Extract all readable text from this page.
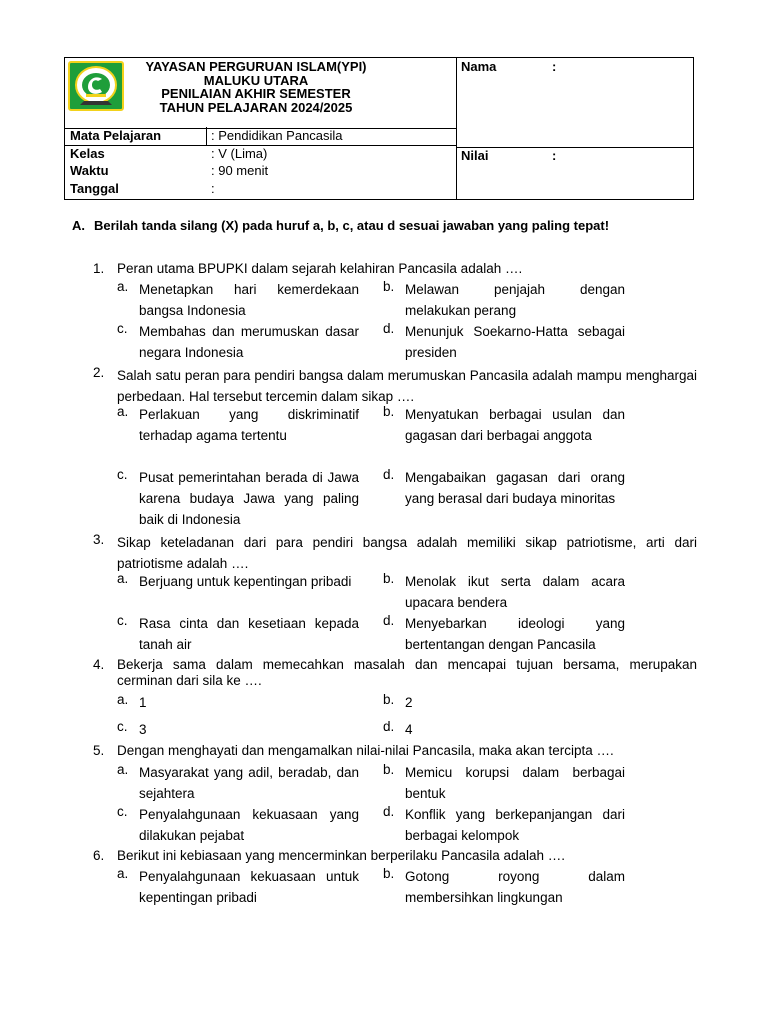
YAYASAN PERGURUAN ISLAM(YPI)
MALUKU UTARA
PENILAIAN AKHIR SEMESTER
TAHUN PELAJARAN 2024/2025
Mata Pelajaran	: Pendidikan Pancasila
Kelas	: V (Lima)
Waktu	: 90 menit
Tanggal	:
Nama	:
Nilai	:
A. Berilah tanda silang (X) pada huruf a, b, c, atau d sesuai jawaban yang paling tepat!
1. Peran utama BPUPKI dalam sejarah kelahiran Pancasila adalah ….
a. Menetapkan hari kemerdekaan bangsa Indonesia
b. Melawan penjajah dengan melakukan perang
c. Membahas dan merumuskan dasar negara Indonesia
d. Menunjuk Soekarno-Hatta sebagai presiden
2. Salah satu peran para pendiri bangsa dalam merumuskan Pancasila adalah mampu menghargai perbedaan. Hal tersebut tercemin dalam sikap ….
a. Perlakuan yang diskriminatif terhadap agama tertentu
b. Menyatukan berbagai usulan dan gagasan dari berbagai anggota
c. Pusat pemerintahan berada di Jawa karena budaya Jawa yang paling baik di Indonesia
d. Mengabaikan gagasan dari orang yang berasal dari budaya minoritas
3. Sikap keteladanan dari para pendiri bangsa adalah memiliki sikap patriotisme, arti dari patriotisme adalah ….
a. Berjuang untuk kepentingan pribadi	b. Menolak ikut serta dalam acara upacara bendera
c. Rasa cinta dan kesetiaan kepada tanah air
d. Menyebarkan ideologi yang bertentangan dengan Pancasila
4. Bekerja sama dalam memecahkan masalah dan mencapai tujuan bersama, merupakan cerminan dari sila ke ….
a. 1	b. 2
c. 3	d. 4
5. Dengan menghayati dan mengamalkan nilai-nilai Pancasila, maka akan tercipta ….
a. Masyarakat yang adil, beradab, dan sejahtera
b. Memicu korupsi dalam berbagai bentuk
c. Penyalahgunaan kekuasaan yang dilakukan pejabat
d. Konflik yang berkepanjangan dari berbagai kelompok
6. Berikut ini kebiasaan yang mencerminkan berperilaku Pancasila adalah ….
a. Penyalahgunaan kekuasaan untuk kepentingan pribadi
b. Gotong royong dalam membersihkan lingkungan
